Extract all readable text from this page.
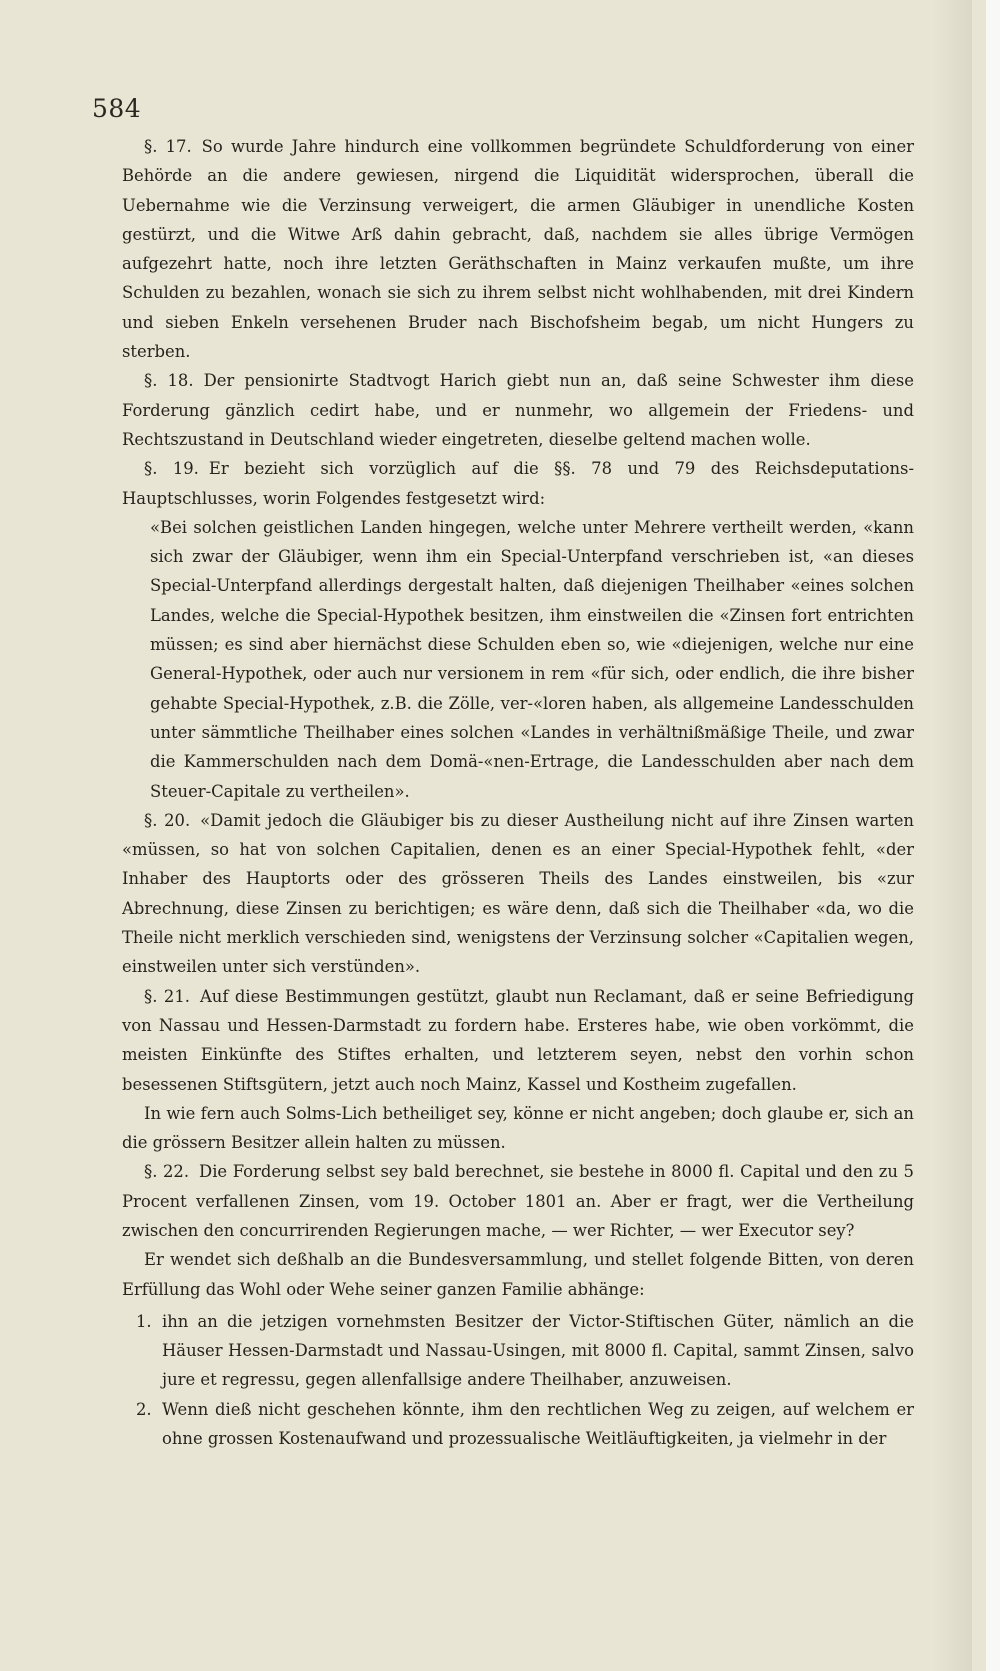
584

§. 17. So wurde Jahre hindurch eine vollkommen begründete Schuldforderung von einer Behörde an die andere gewiesen, nirgend die Liquidität widersprochen, überall die Uebernahme wie die Verzinsung verweigert, die armen Gläubiger in unendliche Kosten gestürzt, und die Witwe Arß dahin gebracht, daß, nachdem sie alles übrige Vermögen aufgezehrt hatte, noch ihre letzten Geräthschaften in Mainz verkaufen mußte, um ihre Schulden zu bezahlen, wonach sie sich zu ihrem selbst nicht wohlhabenden, mit drei Kindern und sieben Enkeln versehenen Bruder nach Bischofsheim begab, um nicht Hungers zu sterben.

§. 18. Der pensionirte Stadtvogt Harich giebt nun an, daß seine Schwester ihm diese Forderung gänzlich cedirt habe, und er nunmehr, wo allgemein der Friedens- und Rechtszustand in Deutschland wieder eingetreten, dieselbe geltend machen wolle.

§. 19. Er bezieht sich vorzüglich auf die §§. 78 und 79 des Reichsdeputations-Hauptschlusses, worin Folgendes festgesetzt wird:

«Bei solchen geistlichen Landen hingegen, welche unter Mehrere vertheilt werden, «kann sich zwar der Gläubiger, wenn ihm ein Special-Unterpfand verschrieben ist, «an dieses Special-Unterpfand allerdings dergestalt halten, daß diejenigen Theilhaber «eines solchen Landes, welche die Special-Hypothek besitzen, ihm einstweilen die «Zinsen fort entrichten müssen; es sind aber hiernächst diese Schulden eben so, wie «diejenigen, welche nur eine General-Hypothek, oder auch nur versionem in rem «für sich, oder endlich, die ihre bisher gehabte Special-Hypothek, z.B. die Zölle, ver-«loren haben, als allgemeine Landesschulden unter sämmtliche Theilhaber eines solchen «Landes in verhältnißmäßige Theile, und zwar die Kammerschulden nach dem Domä-«nen-Ertrage, die Landesschulden aber nach dem Steuer-Capitale zu vertheilen».

§. 20. «Damit jedoch die Gläubiger bis zu dieser Austheilung nicht auf ihre Zinsen warten «müssen, so hat von solchen Capitalien, denen es an einer Special-Hypothek fehlt, «der Inhaber des Hauptorts oder des grösseren Theils des Landes einstweilen, bis «zur Abrechnung, diese Zinsen zu berichtigen; es wäre denn, daß sich die Theilhaber «da, wo die Theile nicht merklich verschieden sind, wenigstens der Verzinsung solcher «Capitalien wegen, einstweilen unter sich verstünden».

§. 21. Auf diese Bestimmungen gestützt, glaubt nun Reclamant, daß er seine Befriedigung von Nassau und Hessen-Darmstadt zu fordern habe. Ersteres habe, wie oben vorkömmt, die meisten Einkünfte des Stiftes erhalten, und letzterem seyen, nebst den vorhin schon besessenen Stiftsgütern, jetzt auch noch Mainz, Kassel und Kostheim zugefallen.

In wie fern auch Solms-Lich betheiliget sey, könne er nicht angeben; doch glaube er, sich an die grössern Besitzer allein halten zu müssen.

§. 22. Die Forderung selbst sey bald berechnet, sie bestehe in 8000 fl. Capital und den zu 5 Procent verfallenen Zinsen, vom 19. October 1801 an. Aber er fragt, wer die Vertheilung zwischen den concurrirenden Regierungen mache, — wer Richter, — wer Executor sey?

Er wendet sich deßhalb an die Bundesversammlung, und stellet folgende Bitten, von deren Erfüllung das Wohl oder Wehe seiner ganzen Familie abhänge:

1. ihn an die jetzigen vornehmsten Besitzer der Victor-Stiftischen Güter, nämlich an die Häuser Hessen-Darmstadt und Nassau-Usingen, mit 8000 fl. Capital, sammt Zinsen, salvo jure et regressu, gegen allenfallsige andere Theilhaber, anzuweisen.
2. Wenn dieß nicht geschehen könnte, ihm den rechtlichen Weg zu zeigen, auf welchem er ohne grossen Kostenaufwand und prozessualische Weitläuftigkeiten, ja vielmehr in der
